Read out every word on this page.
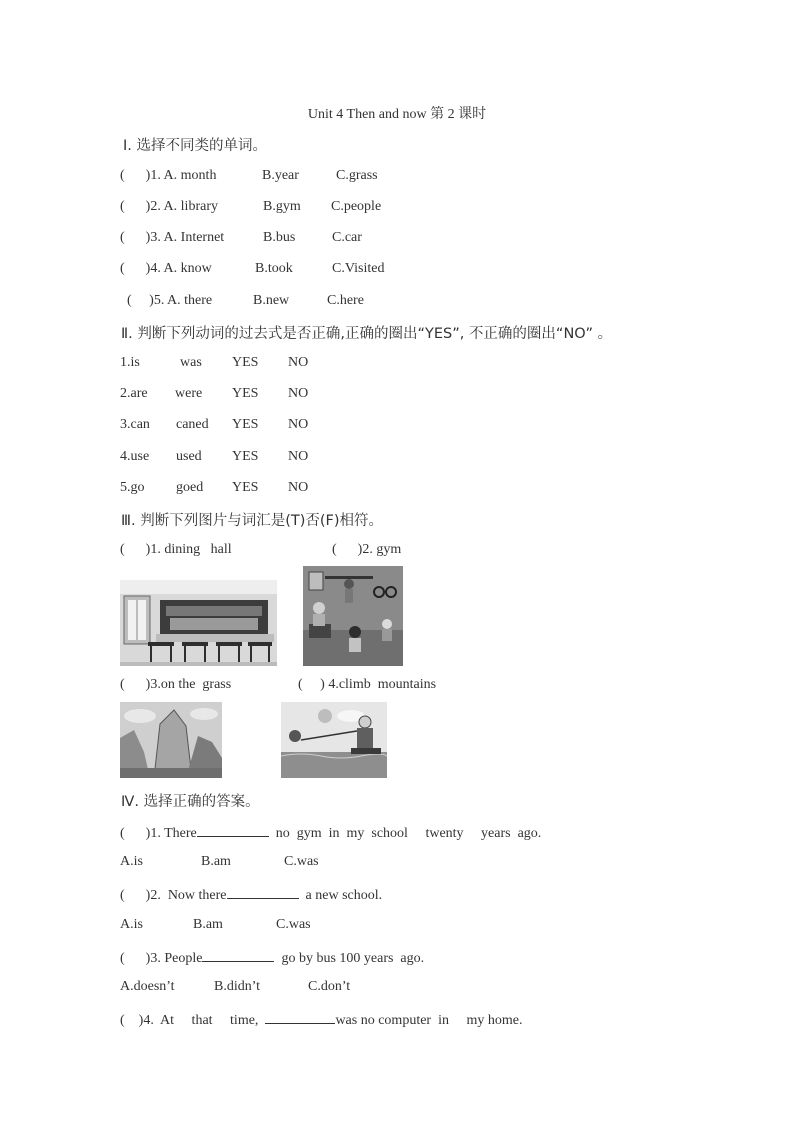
Unit 4 Then and now 第 2 课时
Ⅰ. 选择不同类的单词。
(      )1. A. month	B.year	C.grass
(      )2. A. library	B.gym C.people
(      )3. A. Internet	B.bus	C.car
(      )4. A. know	B.took	C.Visited
(     )5. A. there	B.new	C.here
Ⅱ. 判断下列动词的过去式是否正确,正确的圈出“YES”, 不正确的圈出“NO” 。
1.is	was YES NO
2.are were YES NO
3.can caned YES NO
4.use used YES NO
5.go goed YES NO
Ⅲ. 判断下列图片与词汇是(T)否(F)相符。
(      )1. dining   hall	(      )2. gym
(      )3.on the  grass	(     ) 4.climb  mountains
Ⅳ. 选择正确的答案。
(      )1. There	no  gym  in  my  school     twenty     years  ago.
A.is	B.am	C.was
(      )2.  Now there	a new school.
A.is	B.am	C.was
(      )3. People	go by bus 100 years  ago.
A.doesn’t	B.didn’t	C.don’t
(    )4.  At     that     time,	was no computer  in     my home.
